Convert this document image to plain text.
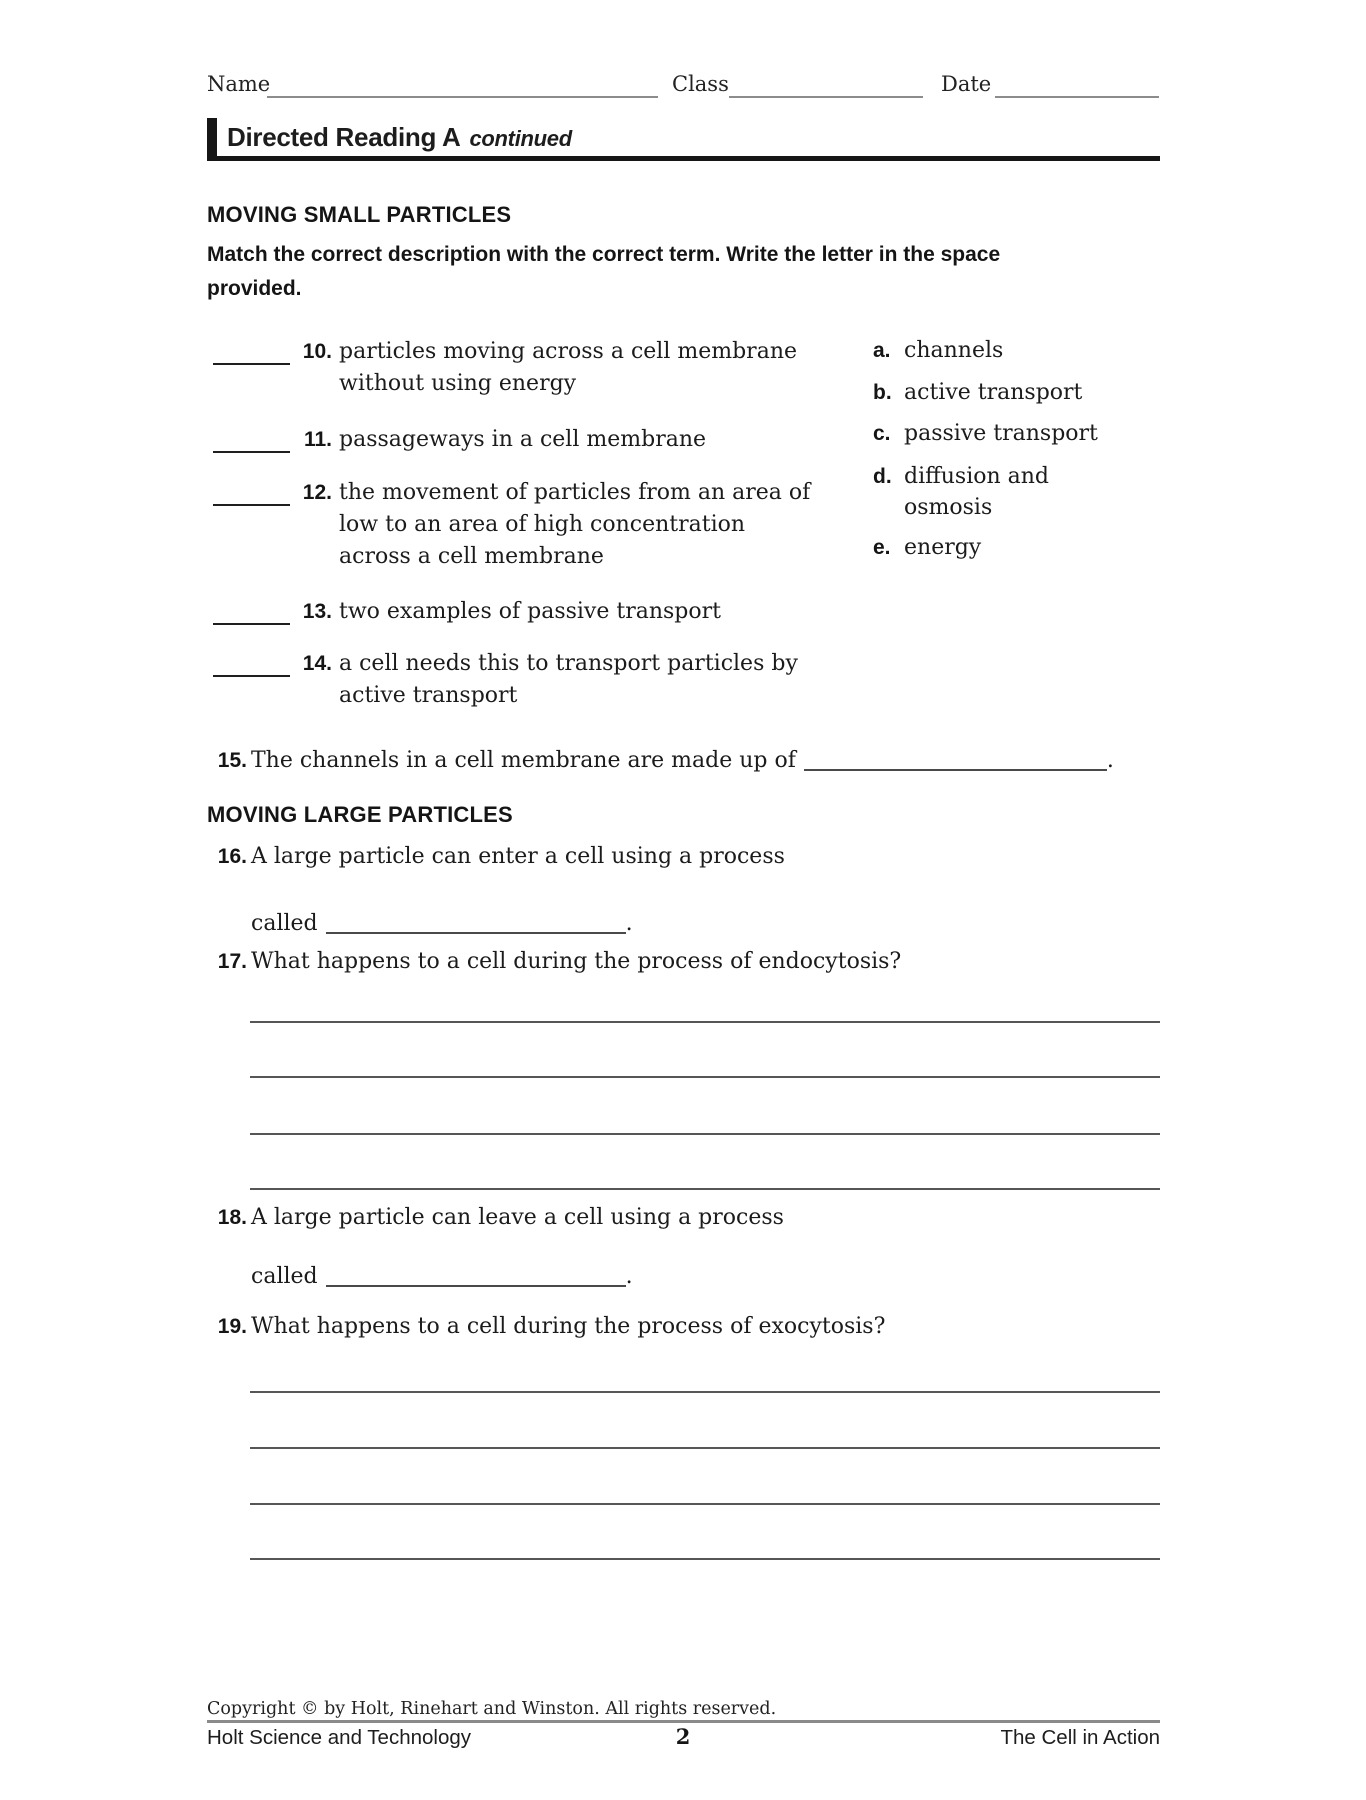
Name	Class	Date
Directed Reading A continued
MOVING SMALL PARTICLES
Match the correct description with the correct term. Write the letter in the space
provided.
10. particles moving across a cell membrane
without using energy
11. passageways in a cell membrane
12. the movement of particles from an area of
low to an area of high concentration
across a cell membrane
13. two examples of passive transport
14. a cell needs this to transport particles by
active transport
a. channels
b. active transport
c. passive transport
d. diffusion and
osmosis
e. energy
15. The channels in a cell membrane are made up of	.
MOVING LARGE PARTICLES
16. A large particle can enter a cell using a process
called	.
17. What happens to a cell during the process of endocytosis?
18. A large particle can leave a cell using a process
called	.
19. What happens to a cell during the process of exocytosis?
Copyright © by Holt, Rinehart and Winston. All rights reserved.
Holt Science and Technology	2	The Cell in Action
